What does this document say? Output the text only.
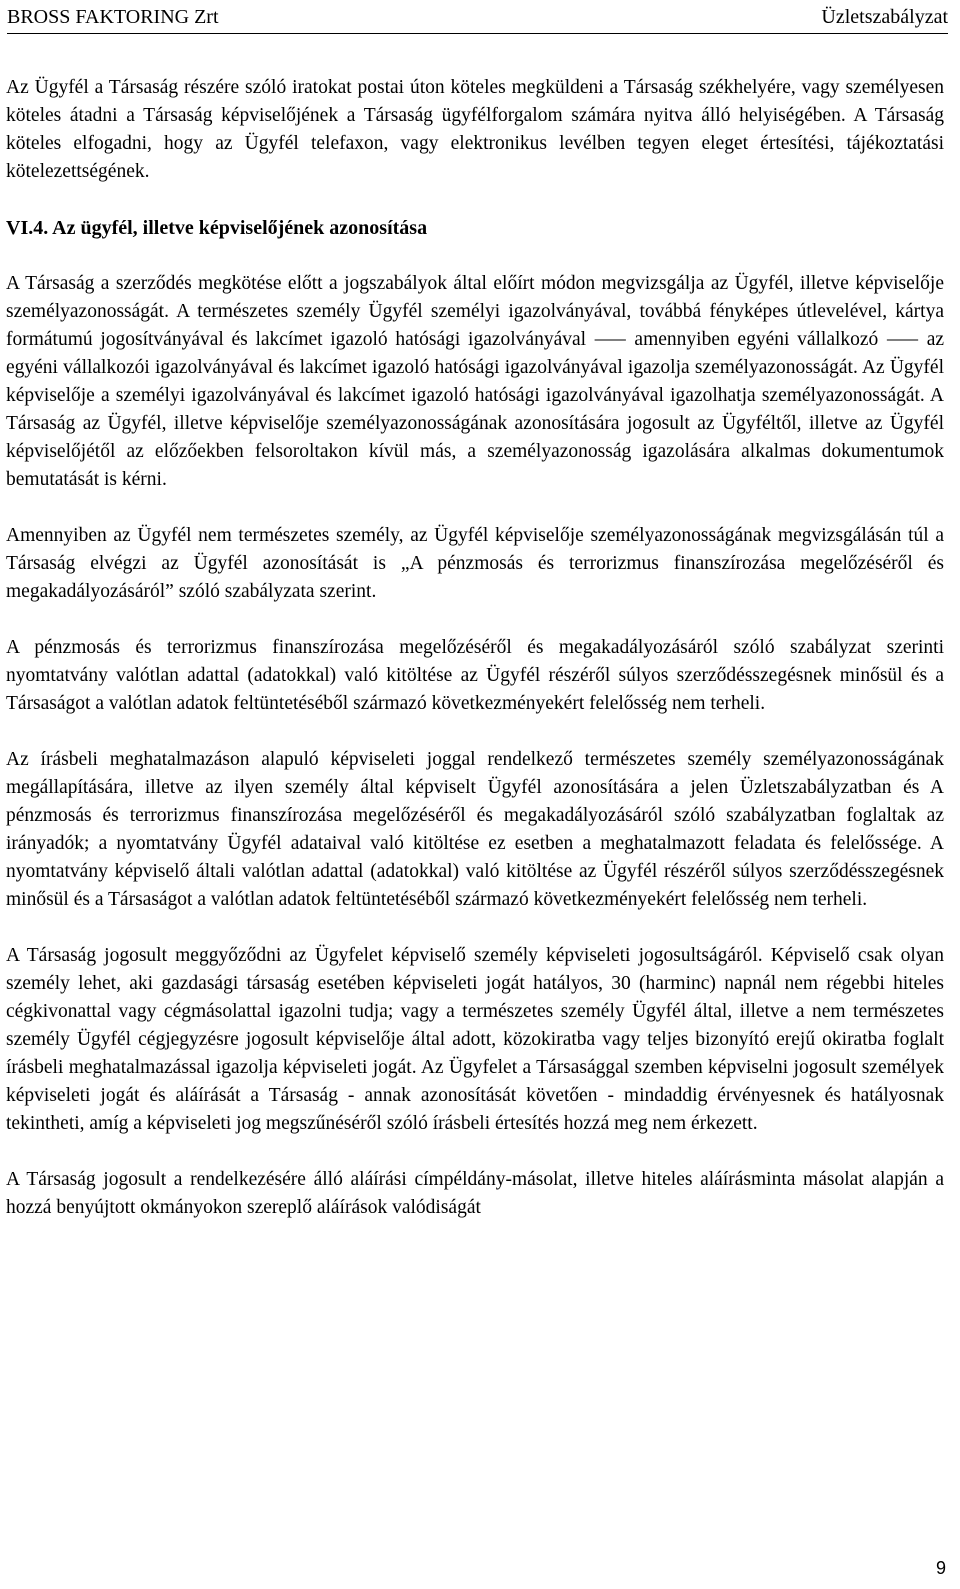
BROSS FAKTORING Zrt	Üzletszabályzat

Az Ügyfél a Társaság részére szóló iratokat postai úton köteles megküldeni a Társaság székhelyére, vagy személyesen köteles átadni a Társaság képviselőjének a Társaság ügyfélforgalom számára nyitva álló helyiségében. A Társaság köteles elfogadni, hogy az Ügyfél telefaxon, vagy elektronikus levélben tegyen eleget értesítési, tájékoztatási kötelezettségének.

VI.4. Az ügyfél, illetve képviselőjének azonosítása

A Társaság a szerződés megkötése előtt a jogszabályok által előírt módon megvizsgálja az Ügyfél, illetve képviselője személyazonosságát. A természetes személy Ügyfél személyi igazolványával, továbbá fényképes útlevelével, kártya formátumú jogosítványával és lakcímet igazoló hatósági igazolványával ⸺ amennyiben egyéni vállalkozó ⸺ az egyéni vállalkozói igazolványával és lakcímet igazoló hatósági igazolványával igazolja személyazonosságát. Az Ügyfél képviselője a személyi igazolványával és lakcímet igazoló hatósági igazolványával igazolhatja személyazonosságát. A Társaság az Ügyfél, illetve képviselője személyazonosságának azonosítására jogosult az Ügyféltől, illetve az Ügyfél képviselőjétől az előzőekben felsoroltakon kívül más, a személyazonosság igazolására alkalmas dokumentumok bemutatását is kérni.

Amennyiben az Ügyfél nem természetes személy, az Ügyfél képviselője személyazonosságának megvizsgálásán túl a Társaság elvégzi az Ügyfél azonosítását is „A pénzmosás és terrorizmus finanszírozása megelőzéséről és megakadályozásáról” szóló szabályzata szerint.

A pénzmosás és terrorizmus finanszírozása megelőzéséről és megakadályozásáról szóló szabályzat szerinti nyomtatvány valótlan adattal (adatokkal) való kitöltése az Ügyfél részéről súlyos szerződésszegésnek minősül és a Társaságot a valótlan adatok feltüntetéséből származó következményekért felelősség nem terheli.

Az írásbeli meghatalmazáson alapuló képviseleti joggal rendelkező természetes személy személyazonosságának megállapítására, illetve az ilyen személy által képviselt Ügyfél azonosítására a jelen Üzletszabályzatban és A pénzmosás és terrorizmus finanszírozása megelőzéséről és megakadályozásáról szóló szabályzatban foglaltak az irányadók; a nyomtatvány Ügyfél adataival való kitöltése ez esetben a meghatalmazott feladata és felelőssége. A nyomtatvány képviselő általi valótlan adattal (adatokkal) való kitöltése az Ügyfél részéről súlyos szerződésszegésnek minősül és a Társaságot a valótlan adatok feltüntetéséből származó következményekért felelősség nem terheli.

A Társaság jogosult meggyőződni az Ügyfelet képviselő személy képviseleti jogosultságáról. Képviselő csak olyan személy lehet, aki gazdasági társaság esetében képviseleti jogát hatályos, 30 (harminc) napnál nem régebbi hiteles cégkivonattal vagy cégmásolattal igazolni tudja; vagy a természetes személy Ügyfél által, illetve a nem természetes személy Ügyfél cégjegyzésre jogosult képviselője által adott, közokiratba vagy teljes bizonyító erejű okiratba foglalt írásbeli meghatalmazással igazolja képviseleti jogát. Az Ügyfelet a Társasággal szemben képviselni jogosult személyek képviseleti jogát és aláírását a Társaság - annak azonosítását követően - mindaddig érvényesnek és hatályosnak tekintheti, amíg a képviseleti jog megszűnéséről szóló írásbeli értesítés hozzá meg nem érkezett.

A Társaság jogosult a rendelkezésére álló aláírási címpéldány-másolat, illetve hiteles aláírásminta másolat alapján a hozzá benyújtott okmányokon szereplő aláírások valódiságát

9
